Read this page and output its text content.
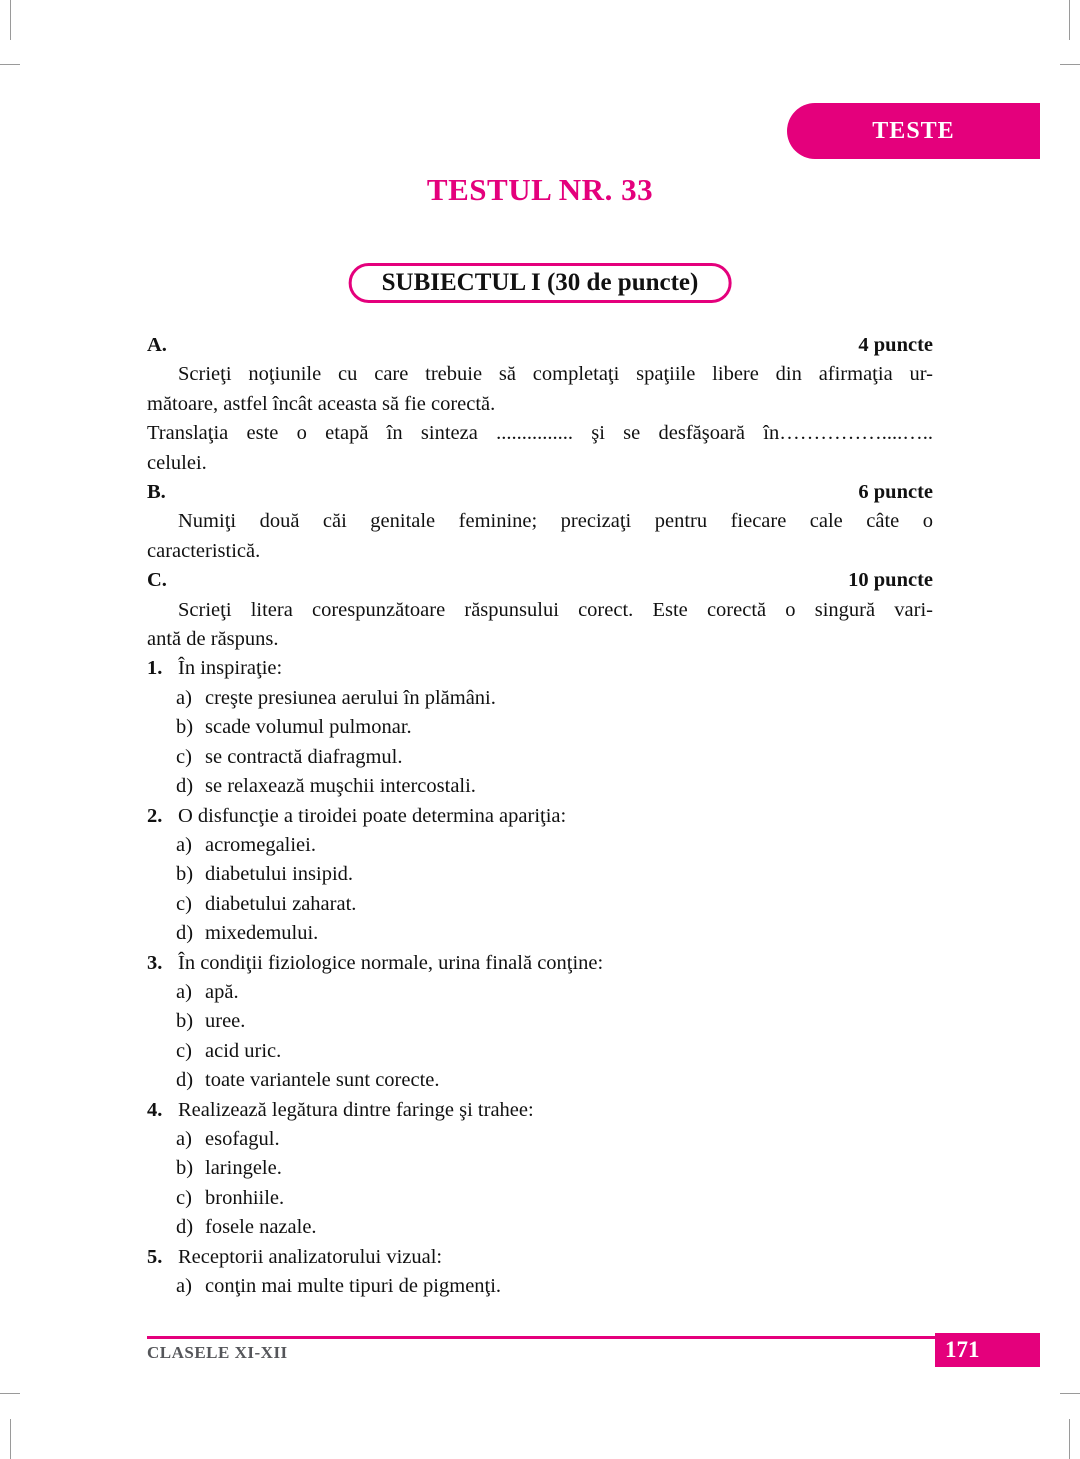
TESTE
TESTUL NR. 33
SUBIECTUL I (30 de puncte)
A.	4 puncte
Scrieţi noţiunile cu care trebuie să completaţi spaţiile libere din afirmaţia ur-
mătoare, astfel încât aceasta să fie corectă.
Translaţia este o etapă în sinteza ............... şi se desfăşoară în……………....…..
celulei.
B.	6 puncte
Numiţi două căi genitale feminine; precizaţi pentru fiecare cale câte o
caracteristică.
C.	10 puncte
Scrieţi litera corespunzătoare răspunsului corect. Este corectă o singură vari-
antă de răspuns.
1. În inspiraţie:
a) creşte presiunea aerului în plămâni.
b) scade volumul pulmonar.
c) se contractă diafragmul.
d) se relaxează muşchii intercostali.
2. O disfuncţie a tiroidei poate determina apariţia:
a) acromegaliei.
b) diabetului insipid.
c) diabetului zaharat.
d) mixedemului.
3. În condiţii fiziologice normale, urina finală conţine:
a) apă.
b) uree.
c) acid uric.
d) toate variantele sunt corecte.
4. Realizează legătura dintre faringe şi trahee:
a) esofagul.
b) laringele.
c) bronhiile.
d) fosele nazale.
5. Receptorii analizatorului vizual:
a) conţin mai multe tipuri de pigmenţi.
CLASELE XI-XII	171
